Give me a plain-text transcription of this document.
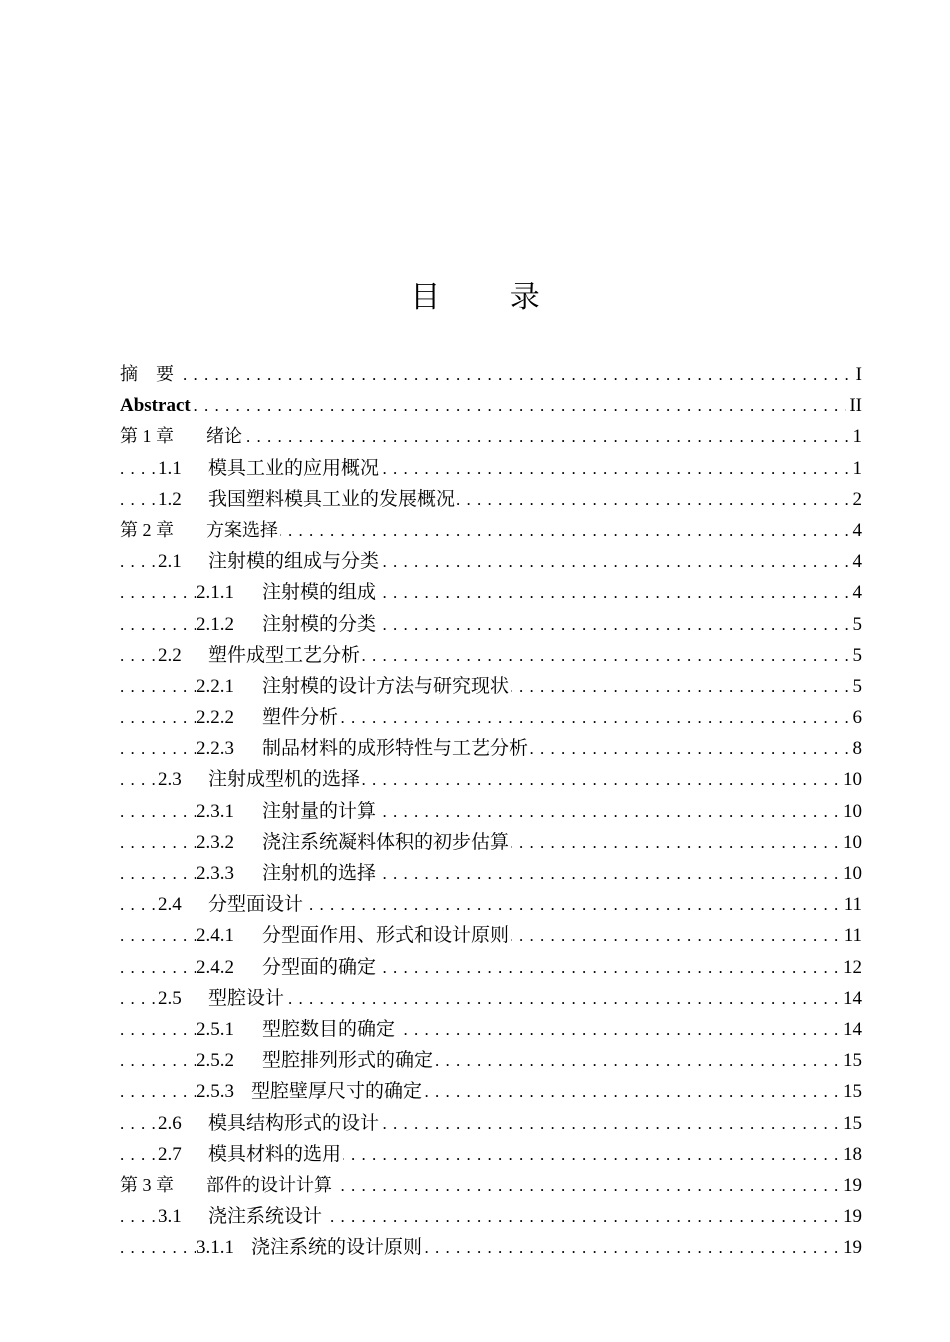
目 录
摘　要	I
. . .
Abstract	II
. . .
第 1 章 绪论	1
. . .
1.1 模具工业的应用概况	1
. . .
1.2 我国塑料模具工业的发展概况	2
. . .
第 2 章 方案选择	4
. . .
2.1 注射模的组成与分类	4
. . .
2.1.1 注射模的组成	4
. . .
2.1.2 注射模的分类	5
. . .
2.2 塑件成型工艺分析	5
. . .
2.2.1 注射模的设计方法与研究现状	5
. . .
2.2.2 塑件分析	6
. . .
2.2.3 制品材料的成形特性与工艺分析	8
. . .
2.3 注射成型机的选择	10
. . .
2.3.1 注射量的计算	10
. . .
2.3.2 浇注系统凝料体积的初步估算	10
. . .
2.3.3 注射机的选择	10
. . .
2.4 分型面设计	11
. . .
2.4.1 分型面作用、形式和设计原则	11
. . .
2.4.2 分型面的确定	12
. . .
2.5 型腔设计	14
. . .
2.5.1 型腔数目的确定	14
. . .
2.5.2 型腔排列形式的确定	15
. . .
2.5.3 型腔壁厚尺寸的确定	15
. . .
2.6 模具结构形式的设计	15
. . .
2.7 模具材料的选用	18
. . .
第 3 章 部件的设计计算	19
. . .
3.1 浇注系统设计	19
. . .
3.1.1 浇注系统的设计原则	19
. . .
